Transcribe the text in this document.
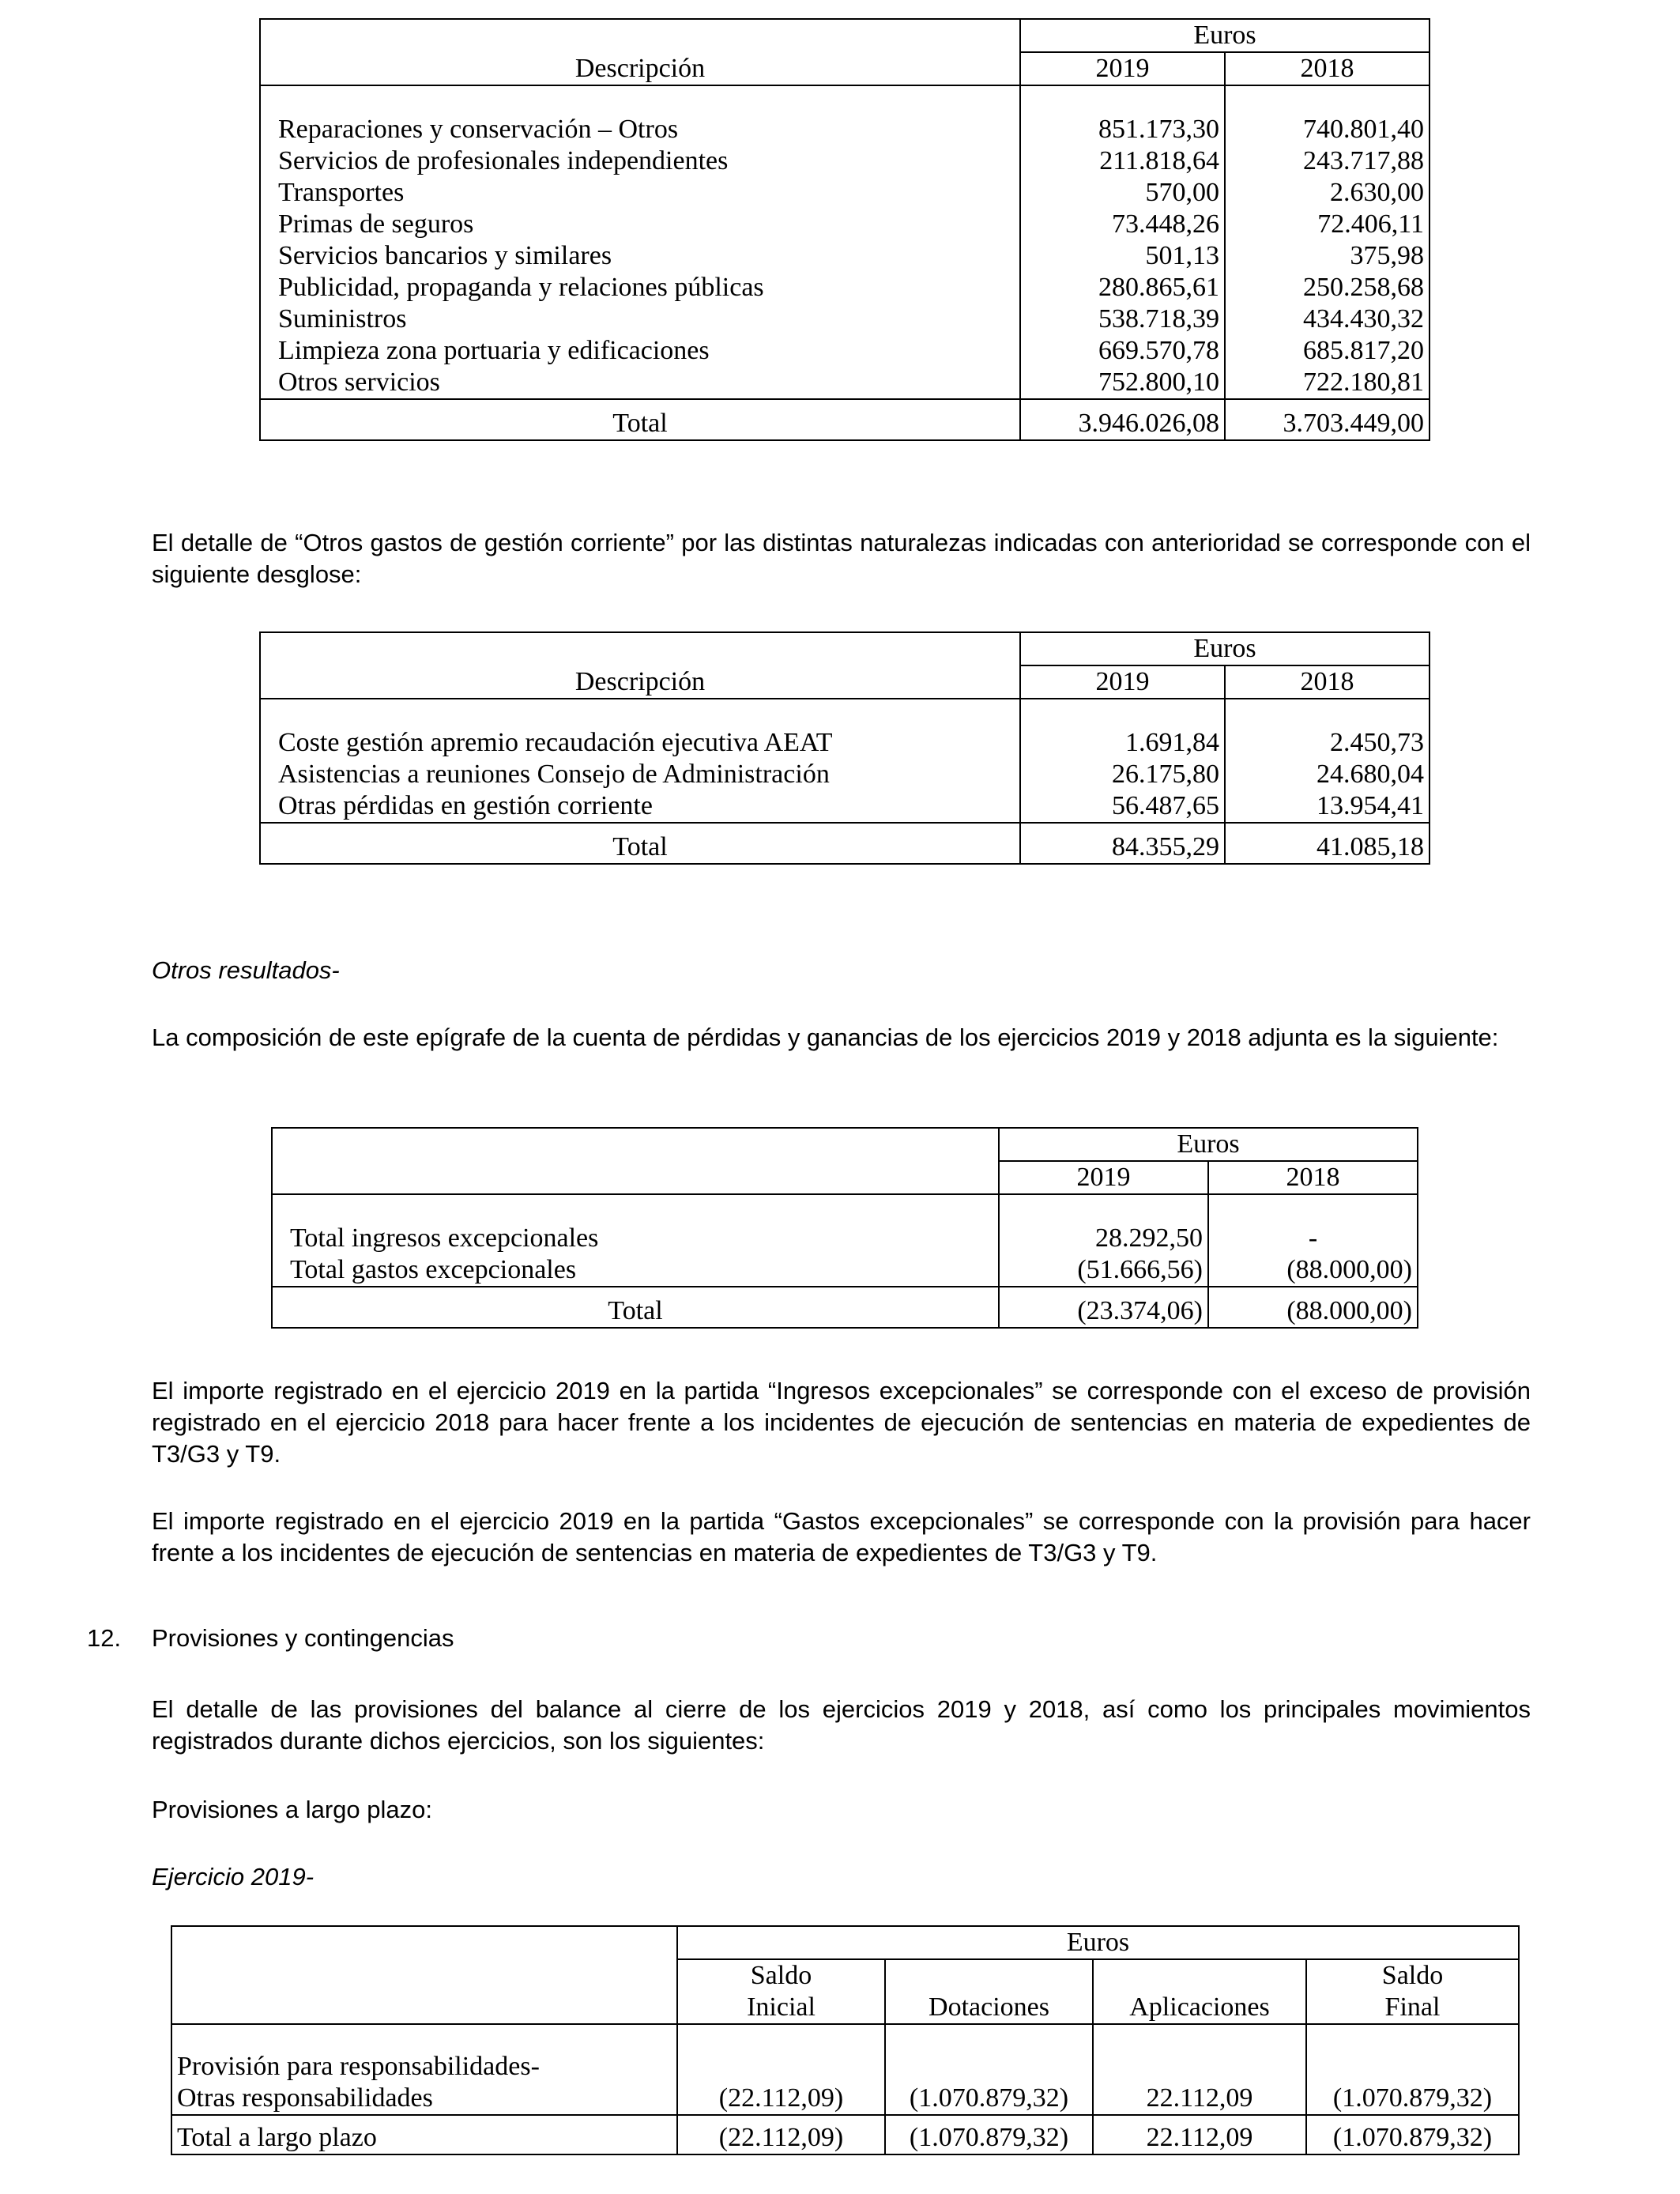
	Euros	
Descripción	2019	2018

Reparaciones y conservación – Otros	851.173,30	740.801,40
Servicios de profesionales independientes	211.818,64	243.717,88
Transportes	570,00	2.630,00
Primas de seguros	73.448,26	72.406,11
Servicios bancarios y similares	501,13	375,98
Publicidad, propaganda y relaciones públicas	280.865,61	250.258,68
Suministros	538.718,39	434.430,32
Limpieza zona portuaria y edificaciones	669.570,78	685.817,20
Otros servicios	752.800,10	722.180,81
Total	3.946.026,08	3.703.449,00
El detalle de “Otros gastos de gestión corriente” por las distintas naturalezas indicadas con anterioridad se corresponde con el siguiente desglose:
	Euros	
Descripción	2019	2018

Coste gestión apremio recaudación ejecutiva AEAT	1.691,84	2.450,73
Asistencias a reuniones Consejo de Administración	26.175,80	24.680,04
Otras pérdidas en gestión corriente	56.487,65	13.954,41
Total	84.355,29	41.085,18
Otros resultados-
La composición de este epígrafe de la cuenta de pérdidas y ganancias de los ejercicios 2019 y 2018 adjunta es la siguiente:
	Euros	
	2019	2018

Total ingresos excepcionales	28.292,50	-
Total gastos excepcionales	(51.666,56)	(88.000,00)
Total	(23.374,06)	(88.000,00)
El importe registrado en el ejercicio 2019 en la partida “Ingresos excepcionales” se corresponde con el exceso de provisión registrado en el ejercicio 2018 para hacer frente a los incidentes de ejecución de sentencias en materia de expedientes de T3/G3 y T9.
El importe registrado en el ejercicio 2019 en la partida “Gastos excepcionales” se corresponde con la provisión para hacer frente a los incidentes de ejecución de sentencias en materia de expedientes de T3/G3 y T9.
12.	Provisiones y contingencias
El detalle de las provisiones del balance al cierre de los ejercicios 2019 y 2018, así como los principales movimientos registrados durante dichos ejercicios, son los siguientes:
Provisiones a largo plazo:
Ejercicio 2019-
	Euros			
	Saldo			Saldo
	Inicial	Dotaciones	Aplicaciones	Final

Provisión para responsabilidades-				
Otras responsabilidades	(22.112,09)	(1.070.879,32)	22.112,09	(1.070.879,32)
Total a largo plazo	(22.112,09)	(1.070.879,32)	22.112,09	(1.070.879,32)
